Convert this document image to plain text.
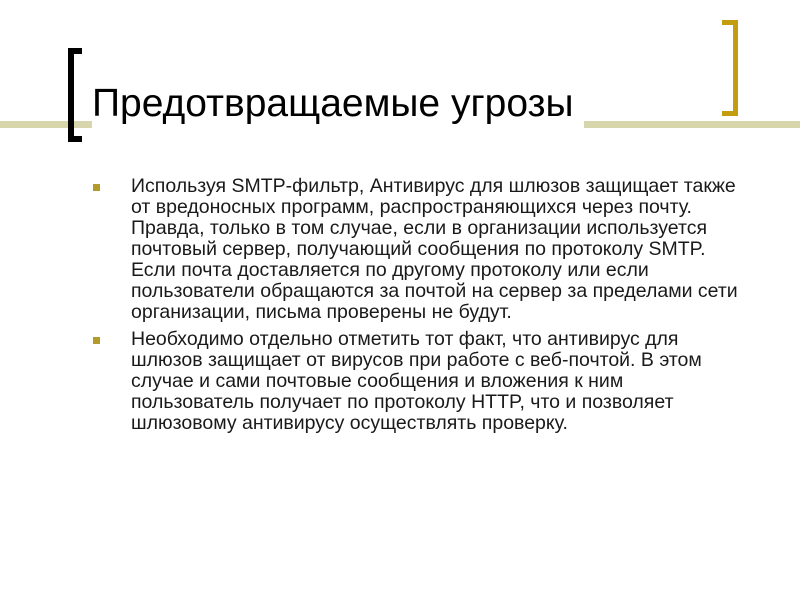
Предотвращаемые угрозы
Используя SMTP-фильтр, Антивирус для шлюзов защищает также от вредоносных программ, распространяющихся через почту. Правда, только в том случае, если в организации используется почтовый сервер, получающий сообщения по протоколу SMTP. Если почта доставляется по другому протоколу или если пользователи обращаются за почтой на сервер за пределами сети организации, письма проверены не будут.
Необходимо отдельно отметить тот факт, что антивирус для шлюзов защищает от вирусов при работе с веб-почтой. В этом случае и сами почтовые сообщения и вложения к ним пользователь получает по протоколу HTTP, что и позволяет шлюзовому антивирусу осуществлять проверку.
